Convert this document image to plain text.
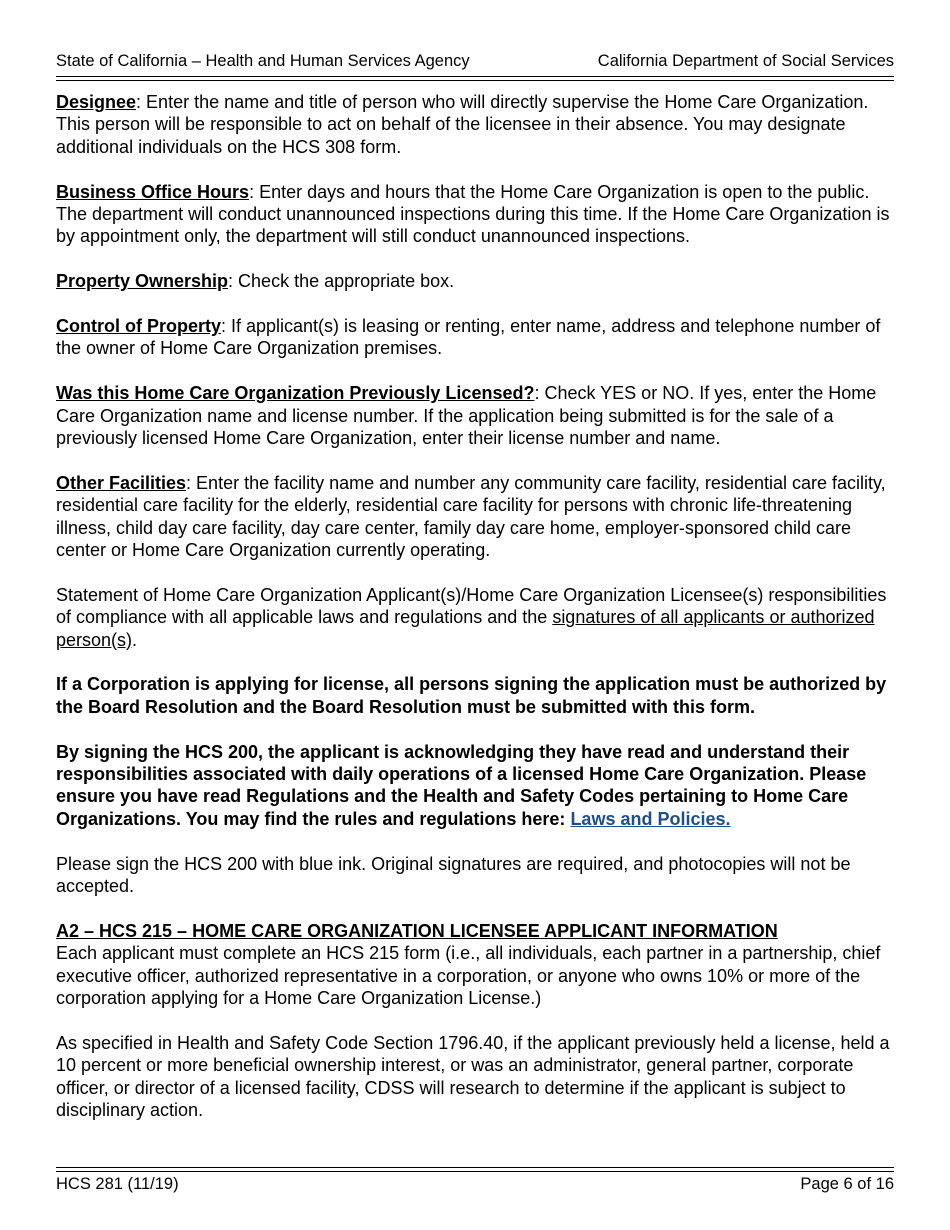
State of California – Health and Human Services Agency	California Department of Social Services

Designee: Enter the name and title of person who will directly supervise the Home Care Organization. This person will be responsible to act on behalf of the licensee in their absence. You may designate additional individuals on the HCS 308 form.

Business Office Hours: Enter days and hours that the Home Care Organization is open to the public. The department will conduct unannounced inspections during this time. If the Home Care Organization is by appointment only, the department will still conduct unannounced inspections.

Property Ownership: Check the appropriate box.

Control of Property: If applicant(s) is leasing or renting, enter name, address and telephone number of the owner of Home Care Organization premises.

Was this Home Care Organization Previously Licensed?: Check YES or NO. If yes, enter the Home Care Organization name and license number. If the application being submitted is for the sale of a previously licensed Home Care Organization, enter their license number and name.

Other Facilities: Enter the facility name and number any community care facility, residential care facility, residential care facility for the elderly, residential care facility for persons with chronic life-threatening illness, child day care facility, day care center, family day care home, employer-sponsored child care center or Home Care Organization currently operating.

Statement of Home Care Organization Applicant(s)/Home Care Organization Licensee(s) responsibilities of compliance with all applicable laws and regulations and the signatures of all applicants or authorized person(s).

If a Corporation is applying for license, all persons signing the application must be authorized by the Board Resolution and the Board Resolution must be submitted with this form.

By signing the HCS 200, the applicant is acknowledging they have read and understand their responsibilities associated with daily operations of a licensed Home Care Organization. Please ensure you have read Regulations and the Health and Safety Codes pertaining to Home Care Organizations. You may find the rules and regulations here: Laws and Policies.

Please sign the HCS 200 with blue ink. Original signatures are required, and photocopies will not be accepted.

A2 – HCS 215 – HOME CARE ORGANIZATION LICENSEE APPLICANT INFORMATION

Each applicant must complete an HCS 215 form (i.e., all individuals, each partner in a partnership, chief executive officer, authorized representative in a corporation, or anyone who owns 10% or more of the corporation applying for a Home Care Organization License.)

As specified in Health and Safety Code Section 1796.40, if the applicant previously held a license, held a 10 percent or more beneficial ownership interest, or was an administrator, general partner, corporate officer, or director of a licensed facility, CDSS will research to determine if the applicant is subject to disciplinary action.

HCS 281 (11/19)	Page 6 of 16
